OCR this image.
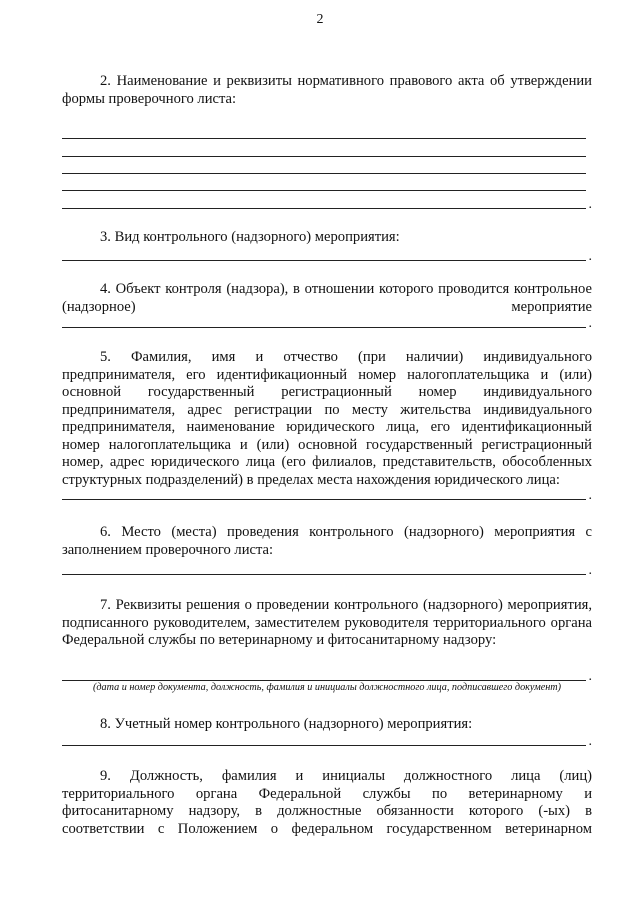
2

2. Наименование и реквизиты нормативного правового акта об утверждении формы проверочного листа:

.

3. Вид контрольного (надзорного) мероприятия:

.

4. Объект контроля (надзора), в отношении которого проводится контрольное (надзорное) мероприятие

.

5. Фамилия, имя и отчество (при наличии) индивидуального предпринимателя, его идентификационный номер налогоплательщика и (или) основной государственный регистрационный номер индивидуального предпринимателя, адрес регистрации по месту жительства индивидуального предпринимателя, наименование юридического лица, его идентификационный номер налогоплательщика и (или) основной государственный регистрационный номер, адрес юридического лица (его филиалов, представительств, обособленных структурных подразделений) в пределах места нахождения юридического лица:

.

6. Место (места) проведения контрольного (надзорного) мероприятия с заполнением проверочного листа:

.

7. Реквизиты решения о проведении контрольного (надзорного) мероприятия, подписанного руководителем, заместителем руководителя территориального органа Федеральной службы по ветеринарному и фитосанитарному надзору:

.
(дата и номер документа, должность, фамилия и инициалы должностного лица, подписавшего документ)

8. Учетный номер контрольного (надзорного) мероприятия:

.

9. Должность, фамилия и инициалы должностного лица (лиц) территориального органа Федеральной службы по ветеринарному и фитосанитарному надзору, в должностные обязанности которого (-ых) в соответствии с Положением о федеральном государственном ветеринарном
